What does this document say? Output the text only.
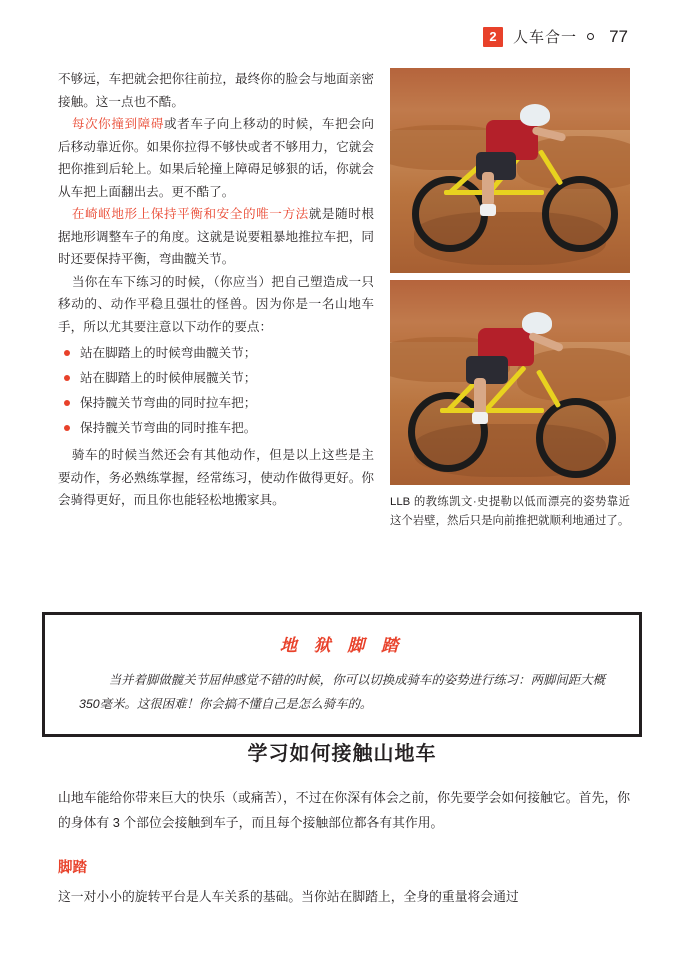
2	人车合一 77

不够远，车把就会把你往前拉，最终你的脸会与地面亲密接触。这一点也不酷。

每次你撞到障碍或者车子向上移动的时候，车把会向后移动靠近你。如果你拉得不够快或者不够用力，它就会把你推到后轮上。如果后轮撞上障碍足够狠的话，你就会从车把上面翻出去。更不酷了。

在崎岖地形上保持平衡和安全的唯一方法就是随时根据地形调整车子的角度。这就是说要粗暴地推拉车把，同时还要保持平衡，弯曲髋关节。

当你在车下练习的时候，（你应当）把自己塑造成一只移动的、动作平稳且强壮的怪兽。因为你是一名山地车手，所以尤其要注意以下动作的要点：

站在脚踏上的时候弯曲髋关节；
站在脚踏上的时候伸展髋关节；
保持髋关节弯曲的同时拉车把；
保持髋关节弯曲的同时推车把。

骑车的时候当然还会有其他动作，但是以上这些是主要动作，务必熟练掌握，经常练习，使动作做得更好。你会骑得更好，而且你也能轻松地搬家具。	LLB 的教练凯文·史提勒以低而漂亮的姿势靠近这个岩壁，然后只是向前推把就顺利地通过了。
地 狱 脚 踏

当并着脚做髋关节屈伸感觉不错的时候，你可以切换成骑车的姿势进行练习：两脚间距大概350毫米。这很困难！你会搞不懂自己是怎么骑车的。

学习如何接触山地车
山地车能给你带来巨大的快乐（或痛苦），不过在你深有体会之前，你先要学会如何接触它。首先，你的身体有 3 个部位会接触到车子，而且每个接触部位都各有其作用。
脚踏
这一对小小的旋转平台是人车关系的基础。当你站在脚踏上，全身的重量将会通过
